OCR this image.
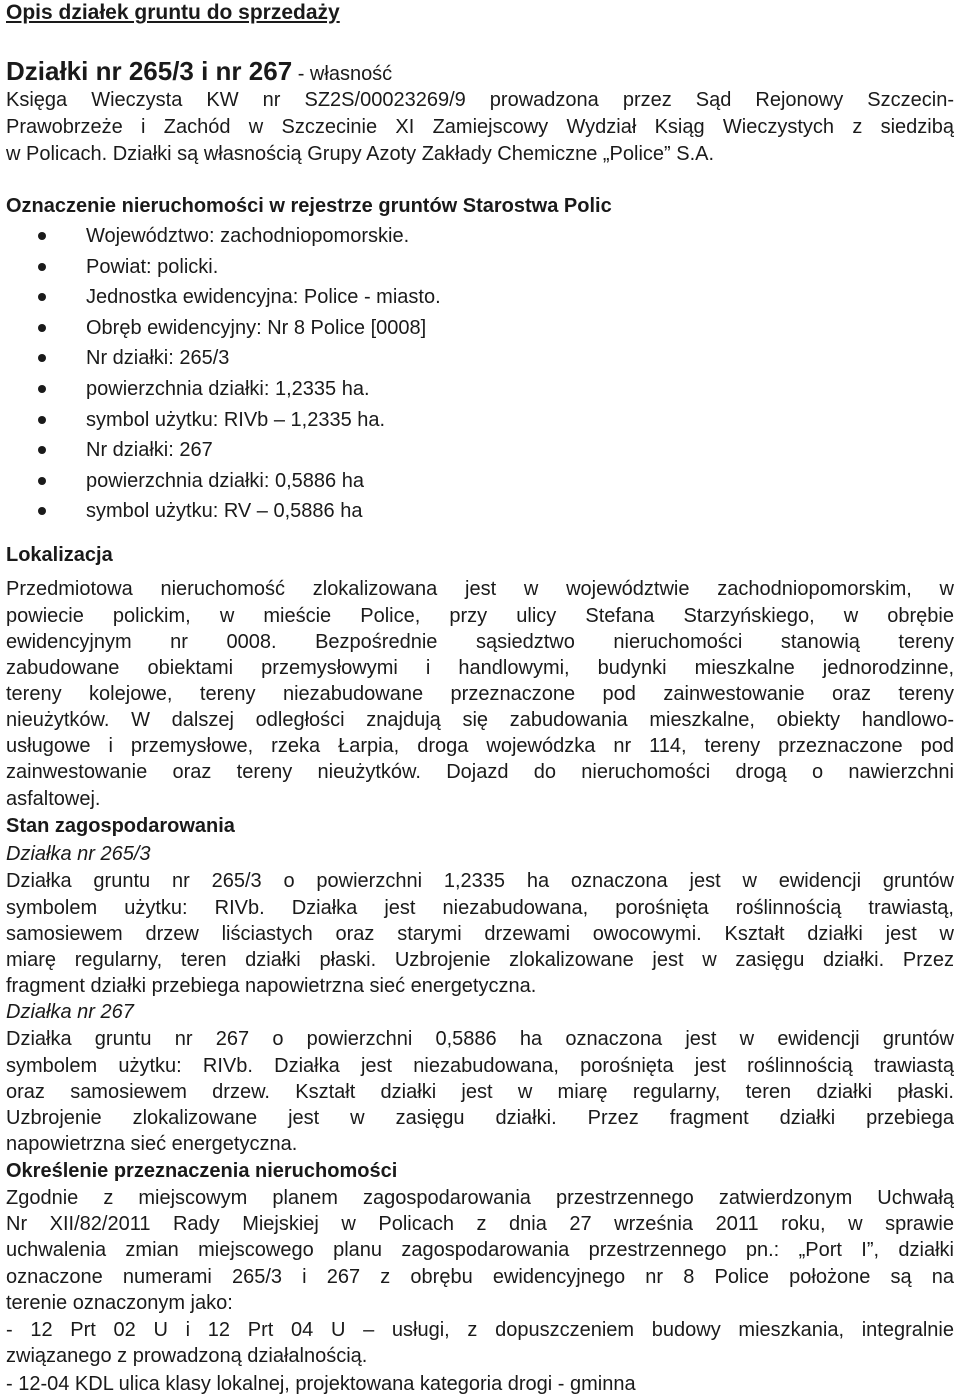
Opis działek gruntu do sprzedaży
Działki nr 265/3 i nr 267 - własność
Księga Wieczysta KW nr SZ2S/00023269/9 prowadzona przez Sąd Rejonowy Szczecin-
Prawobrzeże i Zachód w Szczecinie XI Zamiejscowy Wydział Ksiąg Wieczystych z siedzibą
w Policach. Działki są własnością Grupy Azoty Zakłady Chemiczne „Police” S.A.
Oznaczenie nieruchomości w rejestrze gruntów Starostwa Polic
Województwo: zachodniopomorskie.
Powiat: policki.
Jednostka ewidencyjna: Police - miasto.
Obręb ewidencyjny: Nr 8 Police [0008]
Nr działki: 265/3
powierzchnia działki: 1,2335 ha.
symbol użytku: RIVb – 1,2335 ha.
Nr działki: 267
powierzchnia działki: 0,5886 ha
symbol użytku: RV – 0,5886 ha
Lokalizacja
Przedmiotowa nieruchomość zlokalizowana jest w województwie zachodniopomorskim, w
powiecie polickim, w mieście Police, przy ulicy Stefana Starzyńskiego, w obrębie
ewidencyjnym nr 0008. Bezpośrednie sąsiedztwo nieruchomości stanowią tereny
zabudowane obiektami przemysłowymi i handlowymi, budynki mieszkalne jednorodzinne,
tereny kolejowe, tereny niezabudowane przeznaczone pod zainwestowanie oraz tereny
nieużytków. W dalszej odległości znajdują się zabudowania mieszkalne, obiekty handlowo-
usługowe i przemysłowe, rzeka Łarpia, droga wojewódzka nr 114, tereny przeznaczone pod
zainwestowanie oraz tereny nieużytków. Dojazd do nieruchomości drogą o nawierzchni
asfaltowej.
Stan zagospodarowania
Działka nr 265/3
Działka gruntu nr 265/3 o powierzchni 1,2335 ha oznaczona jest w ewidencji gruntów
symbolem użytku: RIVb. Działka jest niezabudowana, porośnięta roślinnością trawiastą,
samosiewem drzew liściastych oraz starymi drzewami owocowymi. Kształt działki jest w
miarę regularny, teren działki płaski. Uzbrojenie zlokalizowane jest w zasięgu działki. Przez
fragment działki przebiega napowietrzna sieć energetyczna.
Działka nr 267
Działka gruntu nr 267 o powierzchni 0,5886 ha oznaczona jest w ewidencji gruntów
symbolem użytku: RIVb. Działka jest niezabudowana, porośnięta jest roślinnością trawiastą
oraz samosiewem drzew. Kształt działki jest w miarę regularny, teren działki płaski.
Uzbrojenie zlokalizowane jest w zasięgu działki. Przez fragment działki przebiega
napowietrzna sieć energetyczna.
Określenie przeznaczenia nieruchomości
Zgodnie z miejscowym planem zagospodarowania przestrzennego zatwierdzonym Uchwałą
Nr XII/82/2011 Rady Miejskiej w Policach z dnia 27 września 2011 roku, w sprawie
uchwalenia zmian miejscowego planu zagospodarowania przestrzennego pn.: „Port I”, działki
oznaczone numerami 265/3 i 267 z obrębu ewidencyjnego nr 8 Police położone są na
terenie oznaczonym jako:
- 12 Prt 02 U i 12 Prt 04 U – usługi, z dopuszczeniem budowy mieszkania, integralnie
związanego z prowadzoną działalnością.
- 12-04 KDL ulica klasy lokalnej, projektowana kategoria drogi - gminna
